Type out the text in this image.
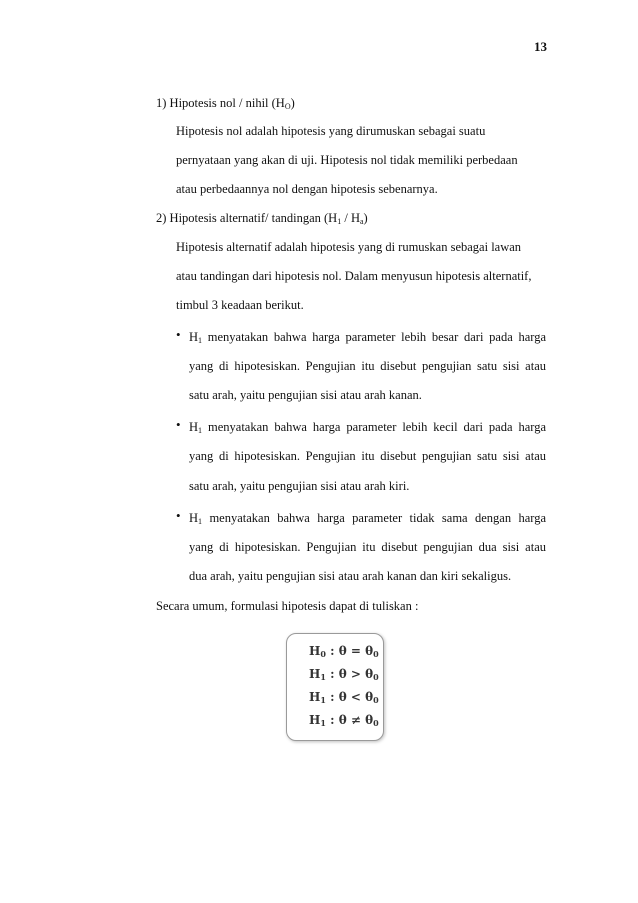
13
1) Hipotesis nol / nihil $(H_O)$
Hipotesis nol adalah hipotesis yang dirumuskan sebagai suatu
pernyataan yang akan di uji. Hipotesis nol tidak memiliki perbedaan
atau perbedaannya nol dengan hipotesis sebenarnya.
2) Hipotesis alternatif/ tandingan $(H_1 / H_a)$
Hipotesis alternatif adalah hipotesis yang di rumuskan sebagai lawan
atau tandingan dari hipotesis nol. Dalam menyusun hipotesis alternatif,
timbul 3 keadaan berikut.
• $H_1$ menyatakan bahwa harga parameter lebih besar dari pada harga
yang di hipotesiskan. Pengujian itu disebut pengujian satu sisi atau
satu arah, yaitu pengujian sisi atau arah kanan.
• $H_1$ menyatakan bahwa harga parameter lebih kecil dari pada harga
yang di hipotesiskan. Pengujian itu disebut pengujian satu sisi atau
satu arah, yaitu pengujian sisi atau arah kiri.
• $H_1$ menyatakan bahwa harga parameter tidak sama dengan harga
yang di hipotesiskan. Pengujian itu disebut pengujian dua sisi atau
dua arah, yaitu pengujian sisi atau arah kanan dan kiri sekaligus.
Secara umum, formulasi hipotesis dapat di tuliskan :
H0 : θ = θ0
H1 : θ > θ0
H1 : θ < θ0
H1 : θ ≠ θ0
